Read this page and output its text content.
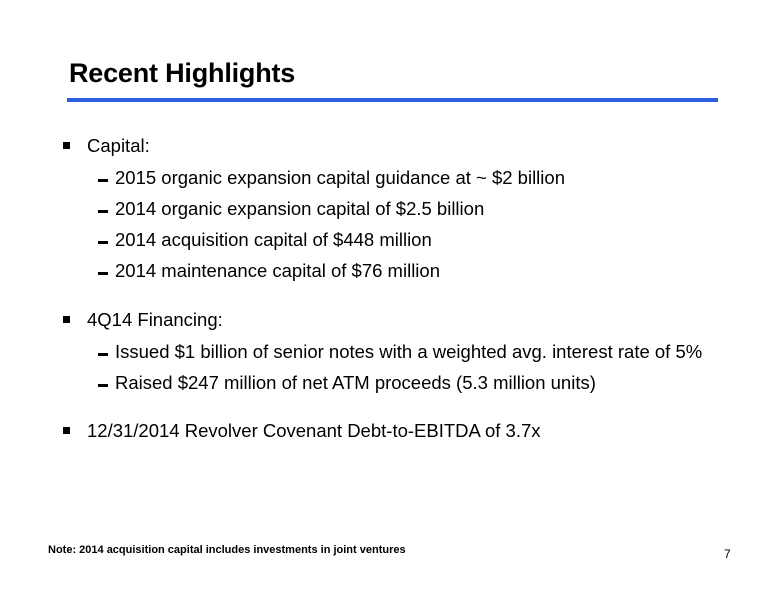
Recent Highlights
Capital:
2015 organic expansion capital guidance at ~ $2 billion
2014 organic expansion capital of $2.5 billion
2014 acquisition capital of $448 million
2014 maintenance capital of $76 million
4Q14 Financing:
Issued $1 billion of senior notes with a weighted avg. interest rate of 5%
Raised $247 million of net ATM proceeds (5.3 million units)
12/31/2014 Revolver Covenant Debt-to-EBITDA of 3.7x
Note: 2014 acquisition capital includes investments in joint ventures	7
